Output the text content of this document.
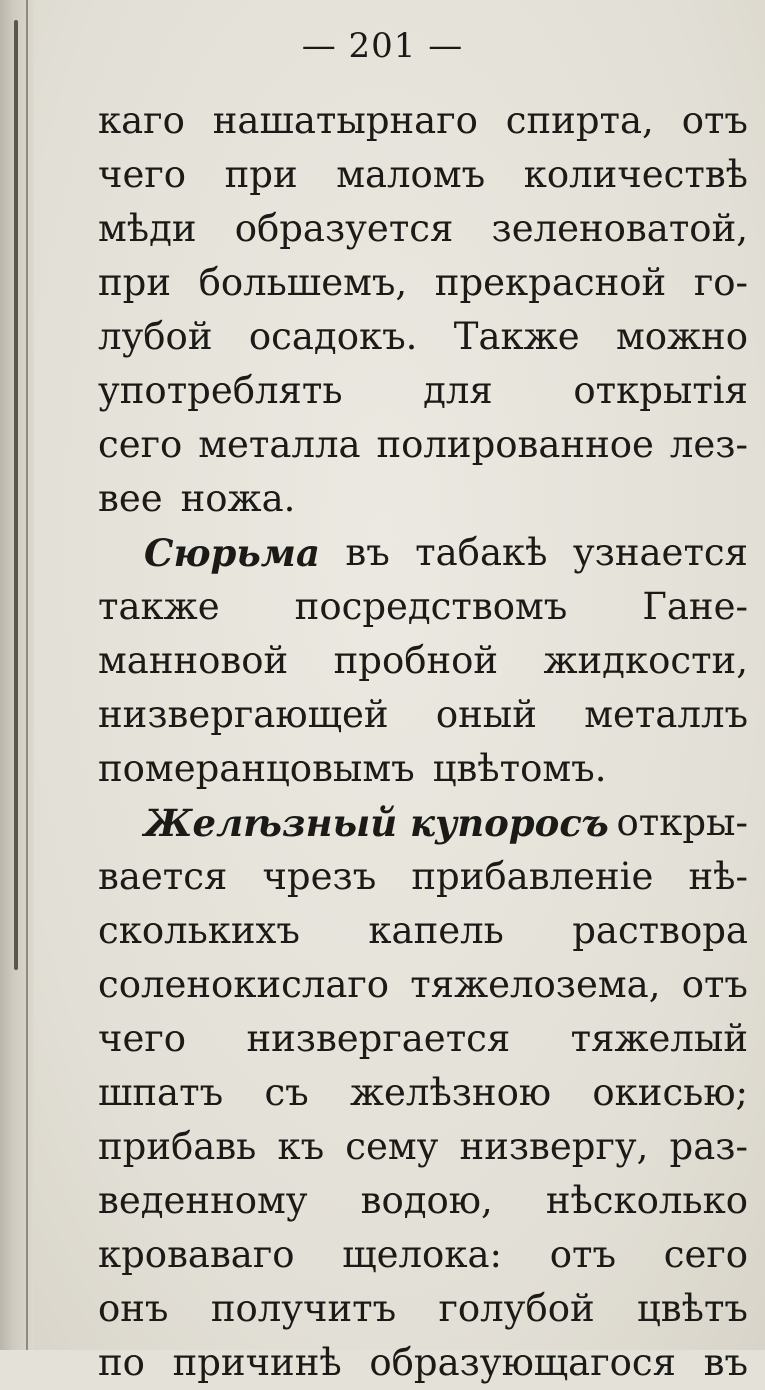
— 201 —
каго нашатырнаго спирта, отъ
чего при маломъ количествѣ
мѣди образуется зеленоватой,
при большемъ, прекрасной го-
лубой осадокъ. Также можно
употреблять для открытія
сего металла полированное лез-
вее ножа.
Сюрьма въ табакѣ узнается
также посредствомъ Гане-
манновой пробной жидкости,
низвергающей оный металлъ
померанцовымъ цвѣтомъ.
Желѣзный купоросъ откры-
вается чрезъ прибавленіе нѣ-
сколькихъ капель раствора
соленокислаго тяжелозема, отъ
чего низвергается тяжелый
шпатъ съ желѣзною окисью;
прибавь къ сему низвергу, раз-
веденному водою, нѣсколько
кроваваго щелока: отъ сего
онъ получитъ голубой цвѣтъ
по причинѣ образующагося въ
